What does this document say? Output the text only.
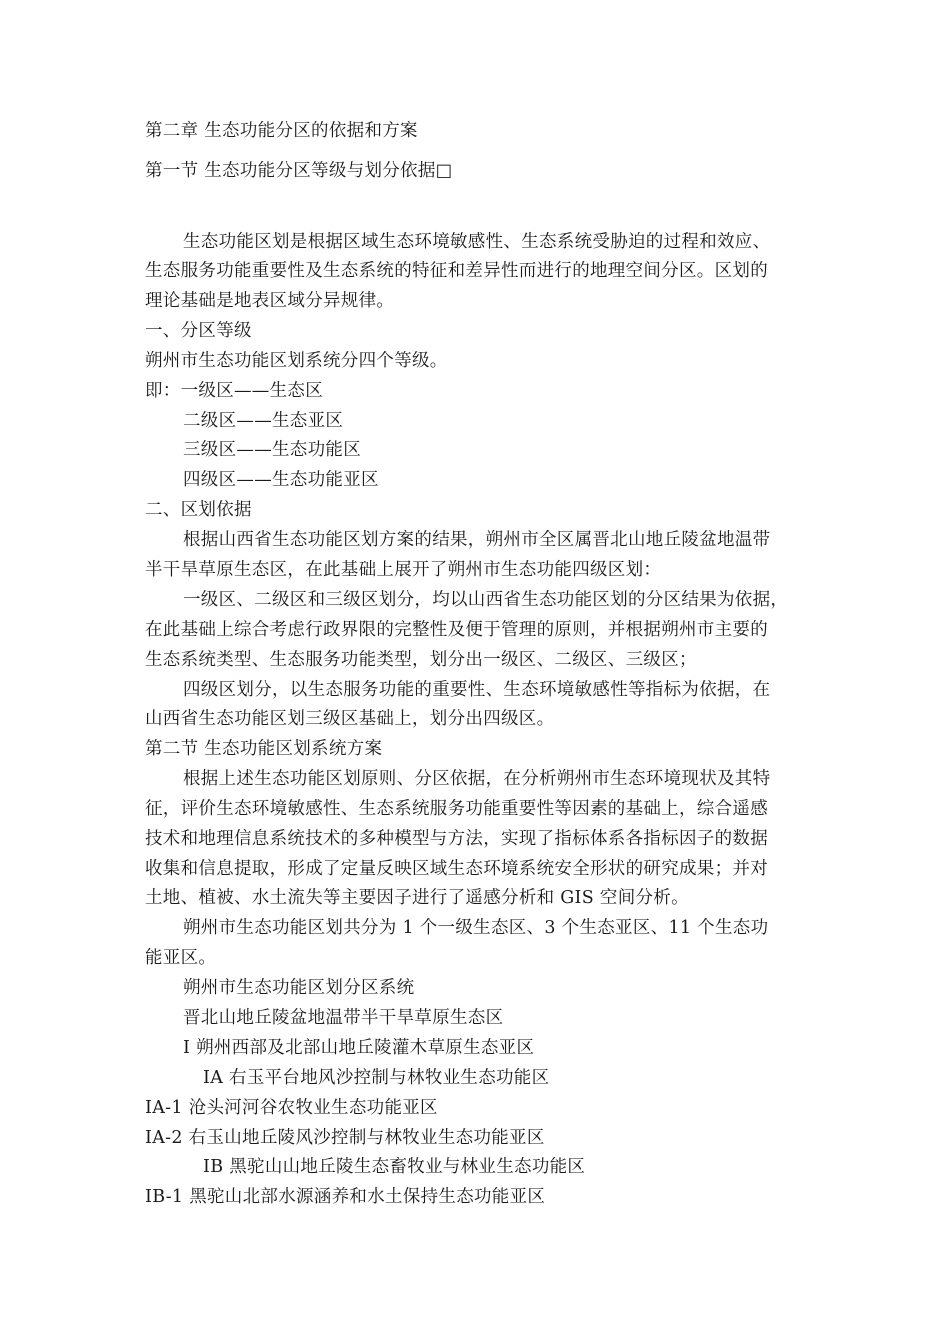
第二章 生态功能分区的依据和方案
第一节 生态功能分区等级与划分依据□
生态功能区划是根据区域生态环境敏感性、生态系统受胁迫的过程和效应、
生态服务功能重要性及生态系统的特征和差异性而进行的地理空间分区。区划的
理论基础是地表区域分异规律。
一、分区等级
朔州市生态功能区划系统分四个等级。
即：一级区——生态区
二级区——生态亚区
三级区——生态功能区
四级区——生态功能亚区
二、区划依据
根据山西省生态功能区划方案的结果，朔州市全区属晋北山地丘陵盆地温带
半干旱草原生态区，在此基础上展开了朔州市生态功能四级区划：
一级区、二级区和三级区划分，均以山西省生态功能区划的分区结果为依据，
在此基础上综合考虑行政界限的完整性及便于管理的原则，并根据朔州市主要的
生态系统类型、生态服务功能类型，划分出一级区、二级区、三级区；
四级区划分，以生态服务功能的重要性、生态环境敏感性等指标为依据，在
山西省生态功能区划三级区基础上，划分出四级区。
第二节 生态功能区划系统方案
根据上述生态功能区划原则、分区依据，在分析朔州市生态环境现状及其特
征，评价生态环境敏感性、生态系统服务功能重要性等因素的基础上，综合遥感
技术和地理信息系统技术的多种模型与方法，实现了指标体系各指标因子的数据
收集和信息提取，形成了定量反映区域生态环境系统安全形状的研究成果；并对
土地、植被、水土流失等主要因子进行了遥感分析和 GIS 空间分析。
朔州市生态功能区划共分为 1 个一级生态区、3 个生态亚区、11 个生态功
能亚区。
朔州市生态功能区划分区系统
晋北山地丘陵盆地温带半干旱草原生态区
Ⅰ 朔州西部及北部山地丘陵灌木草原生态亚区
ⅠA 右玉平台地风沙控制与林牧业生态功能区
ⅠA-1 沧头河河谷农牧业生态功能亚区
ⅠA-2 右玉山地丘陵风沙控制与林牧业生态功能亚区
ⅠB 黑驼山山地丘陵生态畜牧业与林业生态功能区
ⅠB-1 黑驼山北部水源涵养和水土保持生态功能亚区
